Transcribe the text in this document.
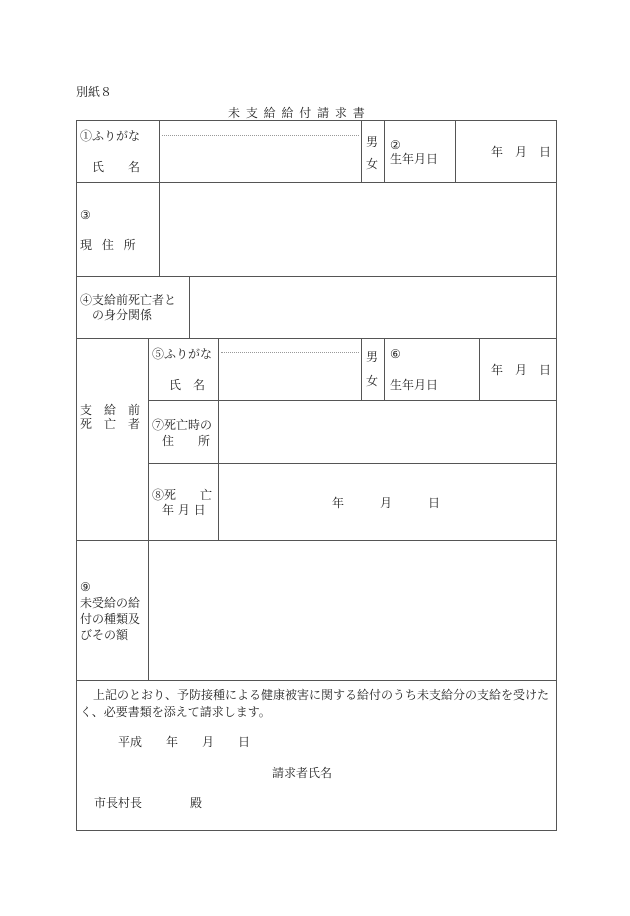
別紙８
未 支 給 給 付 請 求 書
①ふりがな
氏　　名
男
女
②
生年月日	年　月　日
③
現 住 所
④支給前死亡者と
の身分関係
支　給　前
死　亡　者
⑤ふりがな
氏　名
男
女
⑥
生年月日
年　月　日
⑦死亡時の
住　　所
⑧死　　亡
年 月 日	年　　　月　　　日
⑨
未受給の給
付の種類及
びその額
上記のとおり、予防接種による健康被害に関する給付のうち未支給分の支給を受けた
く、必要書類を添えて請求します。
平成　　年　　月　　日
請求者氏名
市長村長　　　　殿
